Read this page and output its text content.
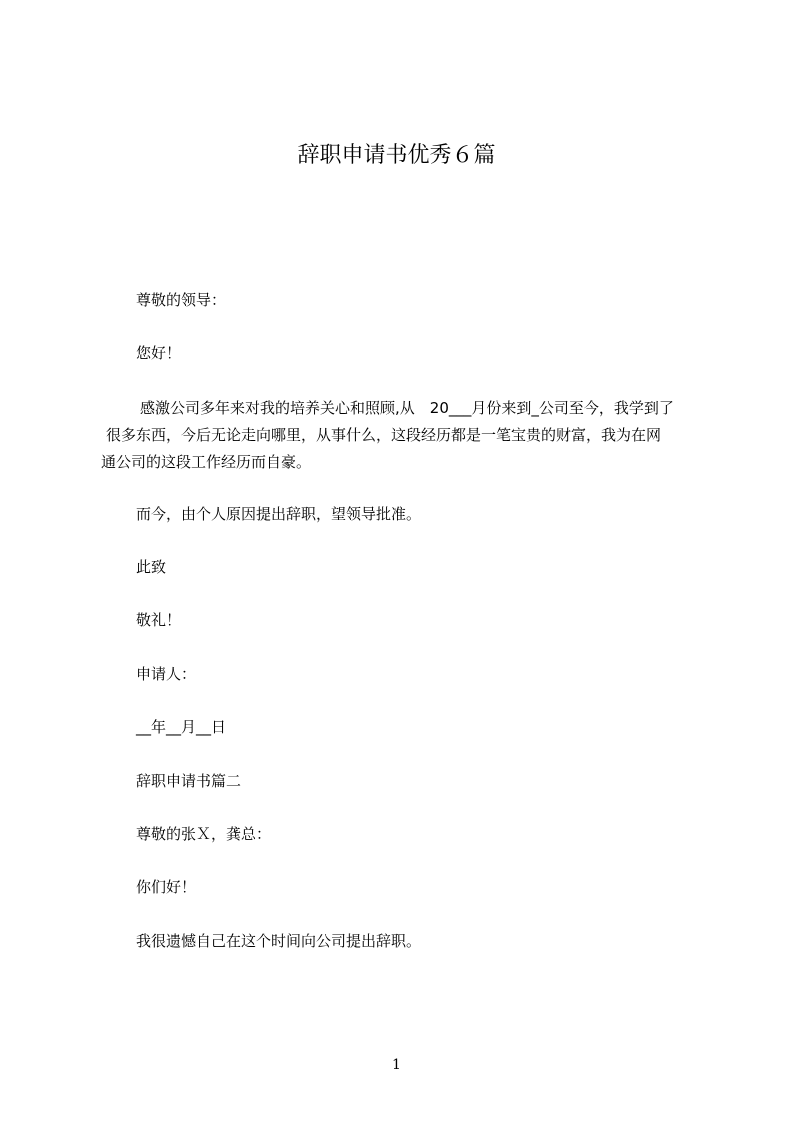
辞职申请书优秀６篇

尊敬的领导：

您好！

感激公司多年来对我的培养关心和照顾,从　20___月份来到_公司至今，我学到了
很多东西，今后无论走向哪里，从事什么，这段经历都是一笔宝贵的财富，我为在网
通公司的这段工作经历而自豪。

而今，由个人原因提出辞职，望领导批准。

此致

敬礼！

申请人：

__年__月__日

辞职申请书篇二

尊敬的张Ｘ，龚总：

你们好！

我很遗憾自己在这个时间向公司提出辞职。

1
